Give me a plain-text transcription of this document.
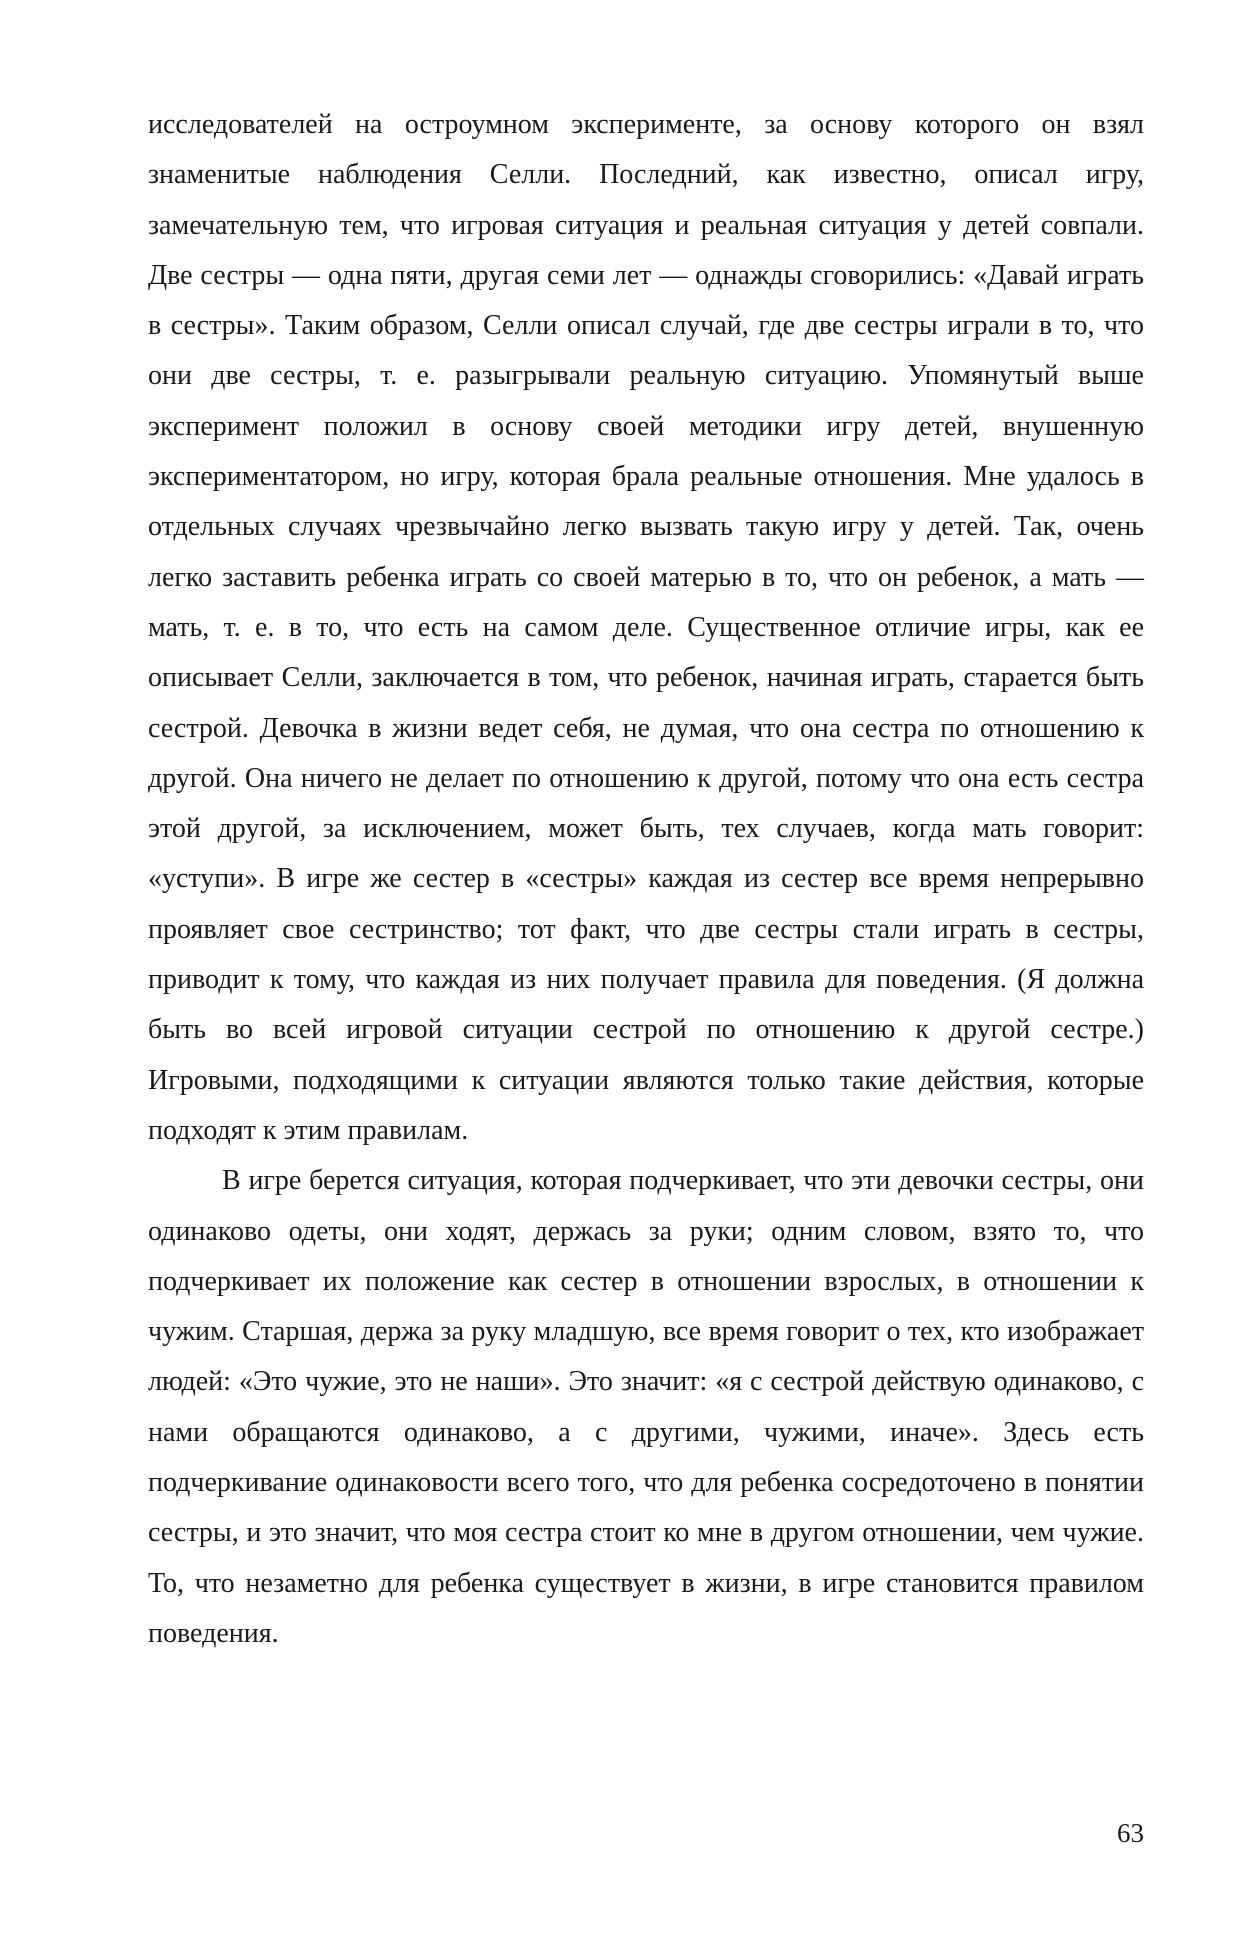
исследователей на остроумном эксперименте, за основу которого он взял знаменитые наблюдения Селли. Последний, как известно, описал игру, замечательную тем, что игровая ситуация и реальная ситуация у детей совпали. Две сестры — одна пяти, другая семи лет — однажды сговорились: «Давай играть в сестры». Таким образом, Селли описал случай, где две сестры играли в то, что они две сестры, т. е. разыгрывали реальную ситуацию. Упомянутый выше эксперимент положил в основу своей методики игру детей, внушенную экспериментатором, но игру, которая брала реальные отношения. Мне удалось в отдельных случаях чрезвычайно легко вызвать такую игру у детей. Так, очень легко заставить ребенка играть со своей матерью в то, что он ребенок, а мать — мать, т. е. в то, что есть на самом деле. Существенное отличие игры, как ее описывает Селли, заключается в том, что ребенок, начиная играть, старается быть сестрой. Девочка в жизни ведет себя, не думая, что она сестра по отношению к другой. Она ничего не делает по отношению к другой, потому что она есть сестра этой другой, за исключением, может быть, тех случаев, когда мать говорит: «уступи». В игре же сестер в «сестры» каждая из сестер все время непрерывно проявляет свое сестринство; тот факт, что две сестры стали играть в сестры, приводит к тому, что каждая из них получает правила для поведения. (Я должна быть во всей игровой ситуации сестрой по отношению к другой сестре.) Игровыми, подходящими к ситуации являются только такие действия, которые подходят к этим правилам.

В игре берется ситуация, которая подчеркивает, что эти девочки сестры, они одинаково одеты, они ходят, держась за руки; одним словом, взято то, что подчеркивает их положение как сестер в отношении взрослых, в отношении к чужим. Старшая, держа за руку младшую, все время говорит о тех, кто изображает людей: «Это чужие, это не наши». Это значит: «я с сестрой действую одинаково, с нами обращаются одинаково, а с другими, чужими, иначе». Здесь есть подчеркивание одинаковости всего того, что для ребенка сосредоточено в понятии сестры, и это значит, что моя сестра стоит ко мне в другом отношении, чем чужие. То, что незаметно для ребенка существует в жизни, в игре становится правилом поведения.

63
